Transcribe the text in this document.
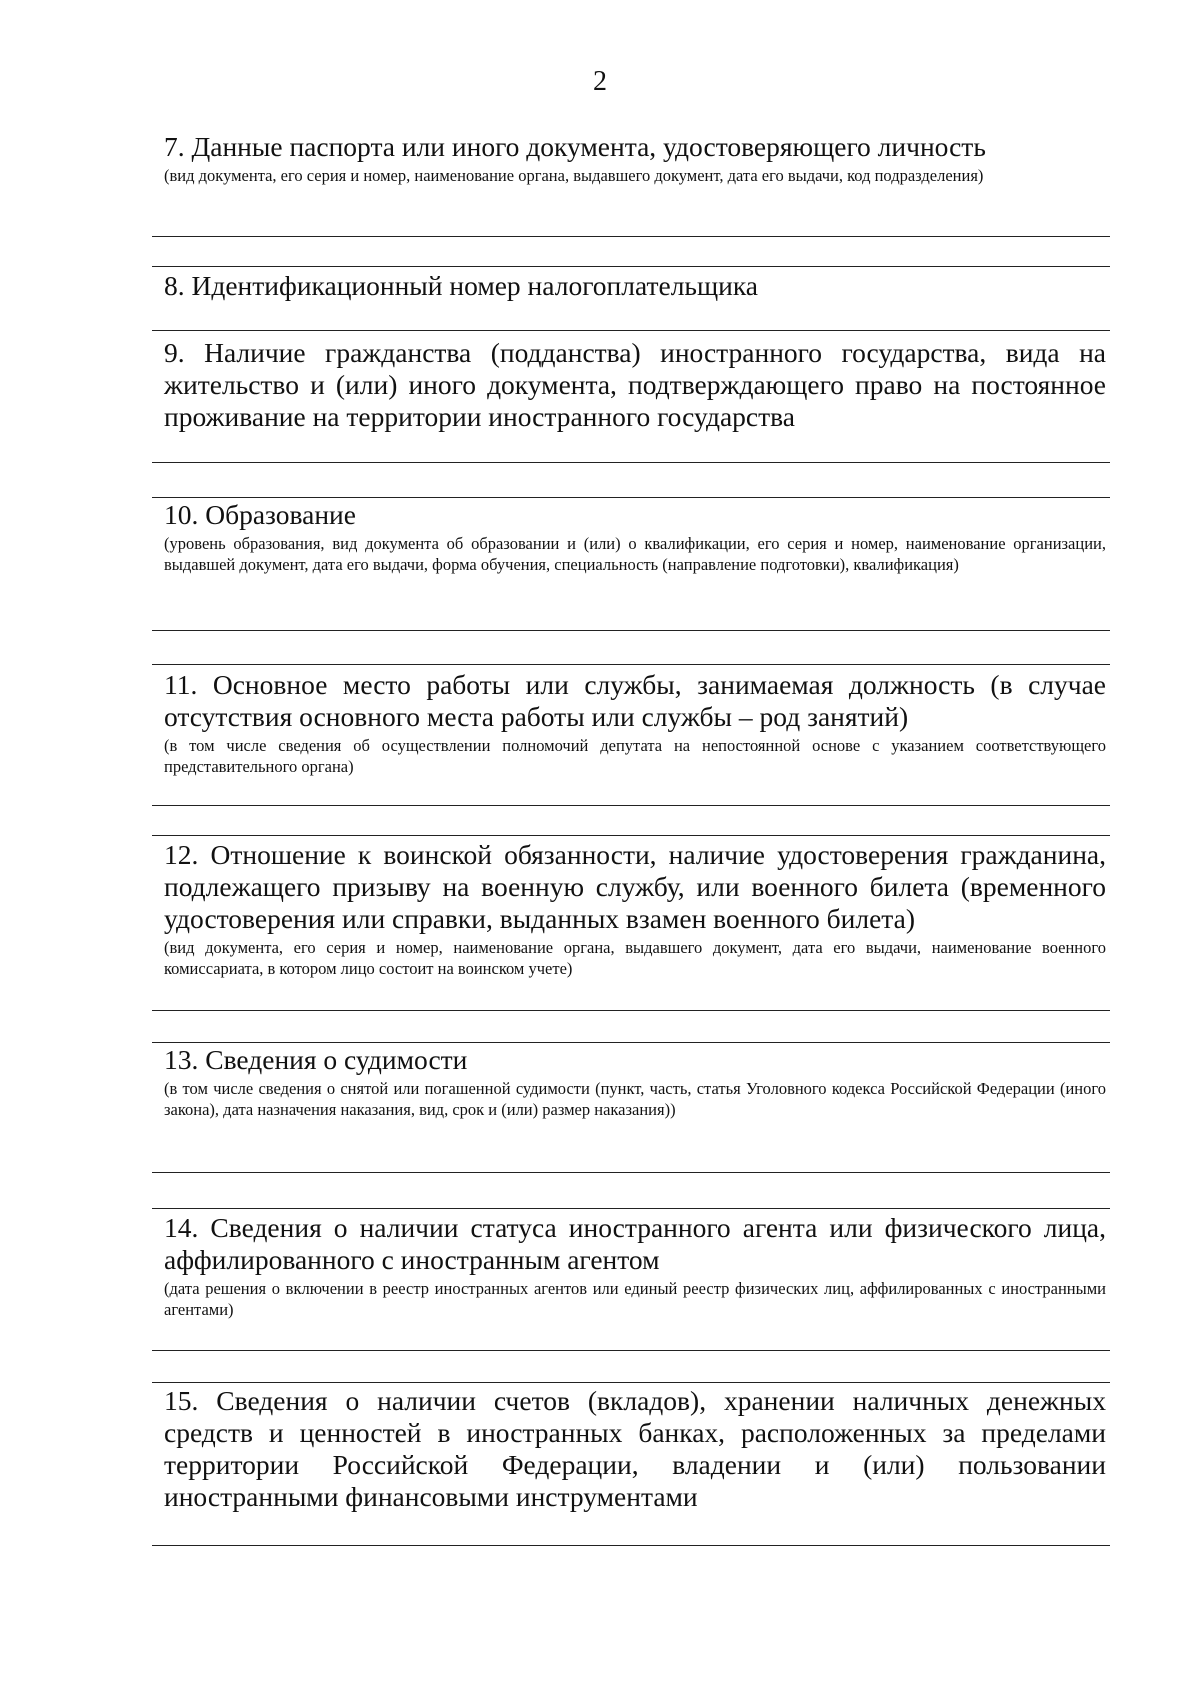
2

7. Данные паспорта или иного документа, удостоверяющего личность

(вид документа, его серия и номер, наименование органа, выдавшего документ, дата его выдачи, код подразделения)

8. Идентификационный номер налогоплательщика

9. Наличие гражданства (подданства) иностранного государства, вида на жительство и (или) иного документа, подтверждающего право на постоянное проживание на территории иностранного государства

10. Образование

(уровень образования, вид документа об образовании и (или) о квалификации, его серия и номер, наименование организации, выдавшей документ, дата его выдачи, форма обучения, специальность (направление подготовки), квалификация)

11. Основное место работы или службы, занимаемая должность (в случае отсутствия основного места работы или службы – род занятий)

(в том числе сведения об осуществлении полномочий депутата на непостоянной основе с указанием соответствующего представительного органа)

12. Отношение к воинской обязанности, наличие удостоверения гражданина, подлежащего призыву на военную службу, или военного билета (временного удостоверения или справки, выданных взамен военного билета)

(вид документа, его серия и номер, наименование органа, выдавшего документ, дата его выдачи, наименование военного комиссариата, в котором лицо состоит на воинском учете)

13. Сведения о судимости

(в том числе сведения о снятой или погашенной судимости (пункт, часть, статья Уголовного кодекса Российской Федерации (иного закона), дата назначения наказания, вид, срок и (или) размер наказания))

14. Сведения о наличии статуса иностранного агента или физического лица, аффилированного с иностранным агентом

(дата решения о включении в реестр иностранных агентов или единый реестр физических лиц, аффилированных с иностранными агентами)

15. Сведения о наличии счетов (вкладов), хранении наличных денежных средств и ценностей в иностранных банках, расположенных за пределами территории Российской Федерации, владении и (или) пользовании иностранными финансовыми инструментами
